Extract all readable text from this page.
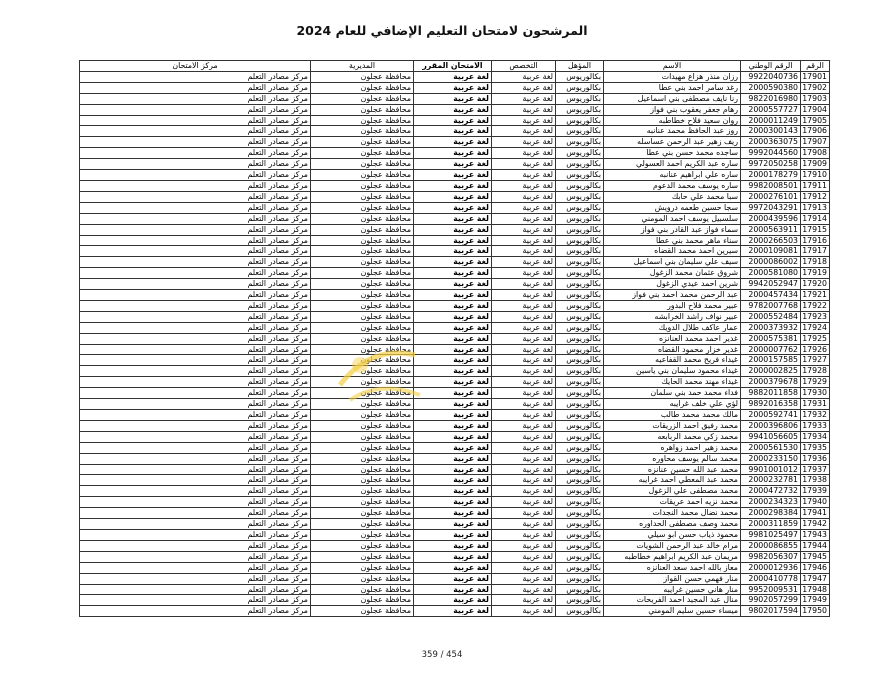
المرشحون لامتحان التعليم الإضافي للعام 2024
الرقم	الرقم الوطني	الاسم	المؤهل	التخصص	الامتحان المقرر	المديرية	مركز الامتحان
17901	9922040736	رزان منذر هزاع مهيدات	بكالوريوس	لغة عربية	لغة عربية	محافظة عجلون	مركز مصادر التعلم
17902	2000590380	رغد سامر احمد بني عطا	بكالوريوس	لغة عربية	لغة عربية	محافظة عجلون	مركز مصادر التعلم
17903	9822016980	رنا نايف مصطفى بني اسماعيل	بكالوريوس	لغة عربية	لغة عربية	محافظة عجلون	مركز مصادر التعلم
17904	2000557727	رهام جعفر يعقوب بني فواز	بكالوريوس	لغة عربية	لغة عربية	محافظة عجلون	مركز مصادر التعلم
17905	2000011249	روان سعيد فلاح خطاطبه	بكالوريوس	لغة عربية	لغة عربية	محافظة عجلون	مركز مصادر التعلم
17906	2000300143	روز عبد الحافظ محمد عنانبه	بكالوريوس	لغة عربية	لغة عربية	محافظة عجلون	مركز مصادر التعلم
17907	2000363075	ريف زهير عبد الرحمن عساسله	بكالوريوس	لغة عربية	لغة عربية	محافظة عجلون	مركز مصادر التعلم
17908	9992044560	ساجده محمد حسن بني عطا	بكالوريوس	لغة عربية	لغة عربية	محافظة عجلون	مركز مصادر التعلم
17909	9972050258	ساره عبد الكريم احمد العسولي	بكالوريوس	لغة عربية	لغة عربية	محافظة عجلون	مركز مصادر التعلم
17910	2000178279	ساره علي ابراهيم عنانبه	بكالوريوس	لغة عربية	لغة عربية	محافظة عجلون	مركز مصادر التعلم
17911	9982008501	ساره يوسف محمد الدعوم	بكالوريوس	لغة عربية	لغة عربية	محافظة عجلون	مركز مصادر التعلم
17912	2000276101	سبا محمد علي حابك	بكالوريوس	لغة عربية	لغة عربية	محافظة عجلون	مركز مصادر التعلم
17913	9972043291	سجا حسين طعمه درويش	بكالوريوس	لغة عربية	لغة عربية	محافظة عجلون	مركز مصادر التعلم
17914	2000439596	سلسبيل يوسف احمد المومني	بكالوريوس	لغة عربية	لغة عربية	محافظة عجلون	مركز مصادر التعلم
17915	2000563911	سماء فواز عبد القادر بني فواز	بكالوريوس	لغة عربية	لغة عربية	محافظة عجلون	مركز مصادر التعلم
17916	2000266503	سناء ماهر محمد بني عطا	بكالوريوس	لغة عربية	لغة عربية	محافظة عجلون	مركز مصادر التعلم
17917	2000109081	سيرين احمد محمد القضاه	بكالوريوس	لغة عربية	لغة عربية	محافظة عجلون	مركز مصادر التعلم
17918	2000086002	سيف علي سليمان بني اسماعيل	بكالوريوس	لغة عربية	لغة عربية	محافظة عجلون	مركز مصادر التعلم
17919	2000581080	شروق عثمان محمد الزغول	بكالوريوس	لغة عربية	لغة عربية	محافظة عجلون	مركز مصادر التعلم
17920	9942052947	شرين احمد عيدي الزغول	بكالوريوس	لغة عربية	لغة عربية	محافظة عجلون	مركز مصادر التعلم
17921	2000457434	عبد الرحمن محمد احمد بني فواز	بكالوريوس	لغة عربية	لغة عربية	محافظة عجلون	مركز مصادر التعلم
17922	9782007768	عبير محمد فلاح البدور	بكالوريوس	لغة عربية	لغة عربية	محافظة عجلون	مركز مصادر التعلم
17923	2000552484	عبير نواف راشد الخرابشه	بكالوريوس	لغة عربية	لغة عربية	محافظة عجلون	مركز مصادر التعلم
17924	2000373932	عمار عاكف طلال الدويك	بكالوريوس	لغة عربية	لغة عربية	محافظة عجلون	مركز مصادر التعلم
17925	2000575381	غدير احمد محمد العنانزه	بكالوريوس	لغة عربية	لغة عربية	محافظة عجلون	مركز مصادر التعلم
17926	2000007762	غدير خزار محمود القضاه	بكالوريوس	لغة عربية	لغة عربية	محافظة عجلون	مركز مصادر التعلم
17927	2000157585	غيداء فريح محمد القفاعيه	بكالوريوس	لغة عربية	لغة عربية	محافظة عجلون	مركز مصادر التعلم
17928	2000002825	غيداء محمود سليمان بني ياسين	بكالوريوس	لغة عربية	لغة عربية	محافظة عجلون	مركز مصادر التعلم
17929	2000379678	غيداء مهند محمد الحايك	بكالوريوس	لغة عربية	لغة عربية	محافظة عجلون	مركز مصادر التعلم
17930	9882011858	فداء محمد حمد بني سلمان	بكالوريوس	لغة عربية	لغة عربية	محافظة عجلون	مركز مصادر التعلم
17931	9892016358	لؤي علي خلف غرايبه	بكالوريوس	لغة عربية	لغة عربية	محافظة عجلون	مركز مصادر التعلم
17932	2000592741	مالك محمد محمد طالب	بكالوريوس	لغة عربية	لغة عربية	محافظة عجلون	مركز مصادر التعلم
17933	2000396806	محمد رفيق احمد الزريقات	بكالوريوس	لغة عربية	لغة عربية	محافظة عجلون	مركز مصادر التعلم
17934	9941056605	محمد زكي محمد الربابعه	بكالوريوس	لغة عربية	لغة عربية	محافظة عجلون	مركز مصادر التعلم
17935	2000561530	محمد زهير احمد زواهره	بكالوريوس	لغة عربية	لغة عربية	محافظة عجلون	مركز مصادر التعلم
17936	2000233150	محمد سالم يوسف محاوره	بكالوريوس	لغة عربية	لغة عربية	محافظة عجلون	مركز مصادر التعلم
17937	9901001012	محمد عبد الله حسين عنانزه	بكالوريوس	لغة عربية	لغة عربية	محافظة عجلون	مركز مصادر التعلم
17938	2000232781	محمد عبد المعطي احمد غرايبه	بكالوريوس	لغة عربية	لغة عربية	محافظة عجلون	مركز مصادر التعلم
17939	2000472732	محمد مصطفى علي الزغول	بكالوريوس	لغة عربية	لغة عربية	محافظة عجلون	مركز مصادر التعلم
17940	2000234323	محمد نزيه احمد عريقات	بكالوريوس	لغة عربية	لغة عربية	محافظة عجلون	مركز مصادر التعلم
17941	2000298384	محمد نضال محمد النجدات	بكالوريوس	لغة عربية	لغة عربية	محافظة عجلون	مركز مصادر التعلم
17942	2000311859	محمد وصف مصطفى الحداوره	بكالوريوس	لغة عربية	لغة عربية	محافظة عجلون	مركز مصادر التعلم
17943	9981025497	محمود ذياب حسن ابو سيلي	بكالوريوس	لغة عربية	لغة عربية	محافظة عجلون	مركز مصادر التعلم
17944	2000086855	مرام خالد عبد الرحمن الشويات	بكالوريوس	لغة عربية	لغة عربية	محافظة عجلون	مركز مصادر التعلم
17945	9982056307	مريمان عبد الكريم ابراهيم خطاطبه	بكالوريوس	لغة عربية	لغة عربية	محافظة عجلون	مركز مصادر التعلم
17946	2000012936	معاز بالله احمد سعد العنانزه	بكالوريوس	لغة عربية	لغة عربية	محافظة عجلون	مركز مصادر التعلم
17947	2000410778	منار فهمي حسن القواز	بكالوريوس	لغة عربية	لغة عربية	محافظة عجلون	مركز مصادر التعلم
17948	9952009531	منار هاني حسين غرايبه	بكالوريوس	لغة عربية	لغة عربية	محافظة عجلون	مركز مصادر التعلم
17949	9902057299	منال عبد المجيد احمد الفريحات	بكالوريوس	لغة عربية	لغة عربية	محافظة عجلون	مركز مصادر التعلم
17950	9802017594	ميساء حسين سليم المومني	بكالوريوس	لغة عربية	لغة عربية	محافظة عجلون	مركز مصادر التعلم
359 / 454
